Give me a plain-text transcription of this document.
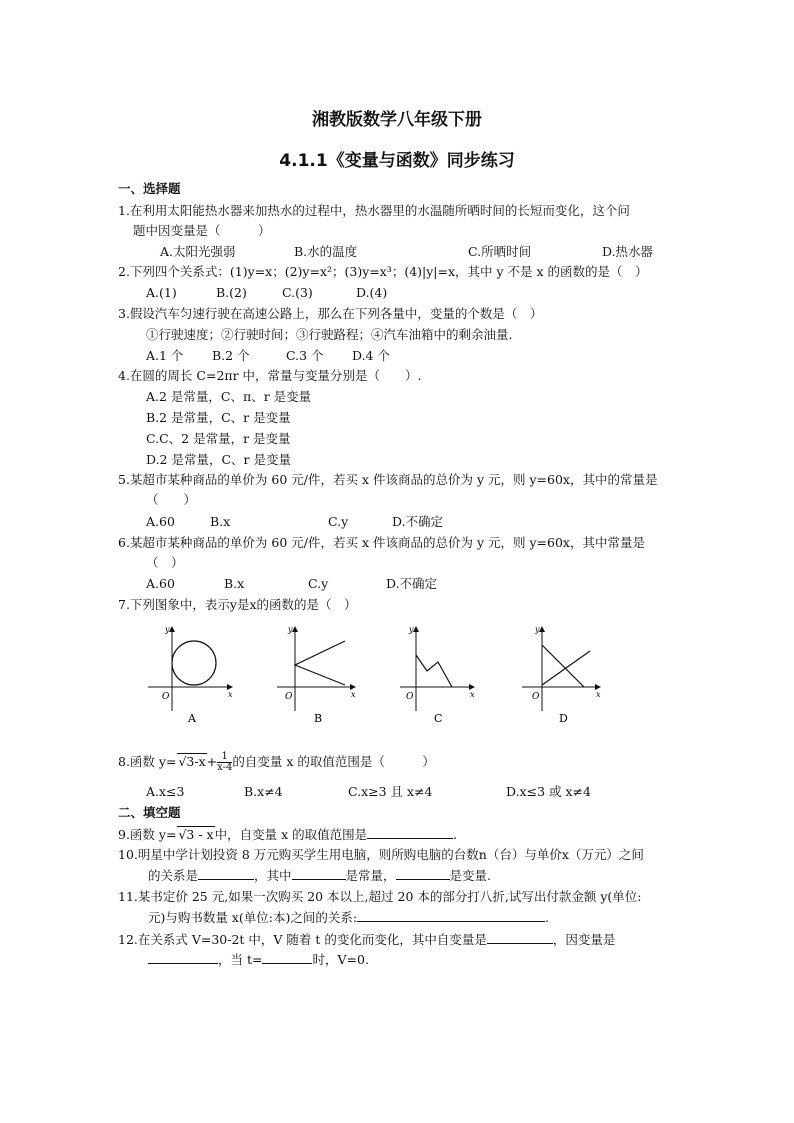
湘教版数学八年级下册
4.1.1《变量与函数》同步练习
一、选择题
1.在利用太阳能热水器来加热水的过程中，热水器里的水温随所晒时间的长短而变化，这个问
题中因变量是（　　　）
A.太阳光强弱	B.水的温度	C.所晒时间	D.热水器
2.下列四个关系式：(1)y=x；(2)y=x²；(3)y=x³；(4)|y|=x，其中 y 不是 x 的函数的是（　）
A.(1)	B.(2)	C.(3)	D.(4)
3.假设汽车匀速行驶在高速公路上，那么在下列各量中，变量的个数是（　）
①行驶速度；②行驶时间；③行驶路程；④汽车油箱中的剩余油量.
A.1 个 B.2 个	C.3 个 D.4 个
4.在圆的周长 C=2πr 中，常量与变量分别是（　　）.
A.2 是常量，C、π、r 是变量
B.2 是常量，C、r 是变量
C.C、2 是常量，r 是变量
D.2 是常量，C、r 是变量
5.某超市某种商品的单价为 60 元/件，若买 x 件该商品的总价为 y 元，则 y=60x，其中的常量是
（　　）
A.60	B.x	C.y	D.不确定
6.某超市某种商品的单价为 60 元/件，若买 x 件该商品的总价为 y 元，则 y=60x，其中常量是
（　）
A.60	B.x	C.y	D.不确定
7.下列图象中，表示y是x的函数的是（　）
y
x
O
A
y
x
O
B
y
x
O
C
y
x
O
D
8.函数 $y= √3-x+ \frac{1}{x-4}$ 的自变量 x 的取值范围是（　　　）
A.x≤3	B.x≠4	C.x≥3 且 x≠4	D.x≤3 或 x≠4
二、填空题
9.函数 y= √3 - x中，自变量 x 的取值范围是	.
10.明星中学计划投资 8 万元购买学生用电脑，则所购电脑的台数n（台）与单价x（万元）之间
的关系是	，其中	是常量，	是变量.
11.某书定价 25 元,如果一次购买 20 本以上,超过 20 本的部分打八折,试写出付款金额 y(单位:
元)与购书数量 x(单位:本)之间的关系:	.
12.在关系式 V=30-2t 中，V 随着 t 的变化而变化，其中自变量是	，因变量是
，当 t=	时，V=0.
